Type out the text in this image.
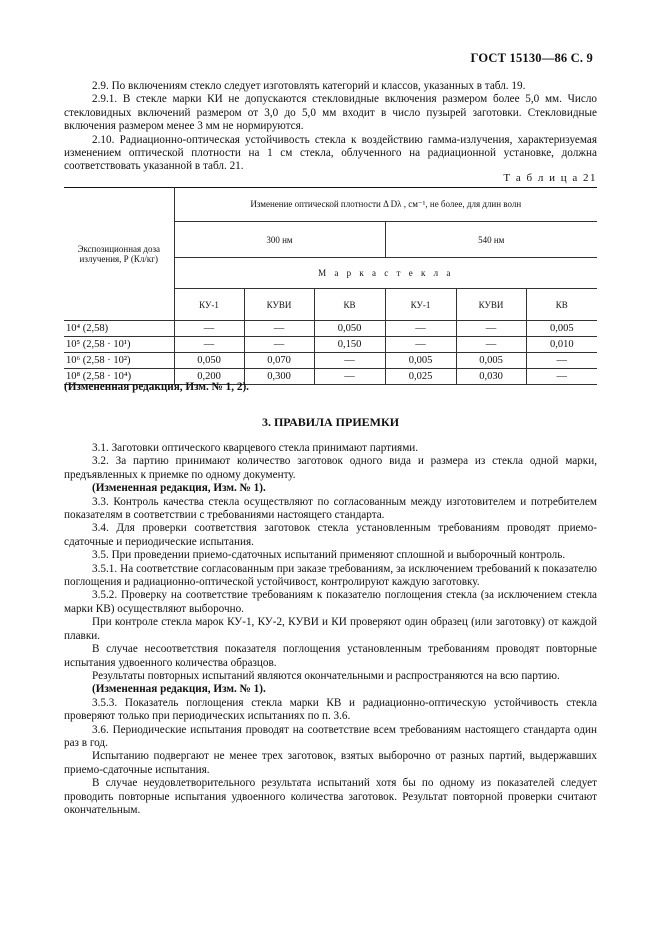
ГОСТ 15130—86 С. 9

2.9. По включениям стекло следует изготовлять категорий и классов, указанных в табл. 19.

2.9.1. В стекле марки КИ не допускаются стекловидные включения размером более 5,0 мм. Число стекловидных включений размером от 3,0 до 5,0 мм входит в число пузырей заготовки. Стекловидные включения размером менее 3 мм не нормируются.

2.10. Радиационно-оптическая устойчивость стекла к воздействию гамма-излучения, характеризуемая изменением оптической плотности на 1 см стекла, облученного на радиационной установке, должна соответствовать указанной в табл. 21.

Т а б л и ц а 21
Экспозиционная доза излучения, Р (Кл/кг)	Изменение оптической плотности Δ Dλ , см⁻¹, не более, для длин волн					
	300 нм			540 нм		
	М а р к а с т е к л а					
	КУ-1	КУВИ	КВ	КУ-1	КУВИ	КВ
10⁴ (2,58)	—	—	0,050	—	—	0,005
10⁵ (2,58 · 10¹)	—	—	0,150	—	—	0,010
10⁶ (2,58 · 10²)	0,050	0,070	—	0,005	0,005	—
10⁸ (2,58 · 10⁴)	0,200	0,300	—	0,025	0,030	—
(Измененная редакция, Изм. № 1, 2).
3. ПРАВИЛА ПРИЕМКИ

3.1. Заготовки оптического кварцевого стекла принимают партиями.

3.2. За партию принимают количество заготовок одного вида и размера из стекла одной марки, предъявленных к приемке по одному документу.

(Измененная редакция, Изм. № 1).

3.3. Контроль качества стекла осуществляют по согласованным между изготовителем и потребителем показателям в соответствии с требованиями настоящего стандарта.

3.4. Для проверки соответствия заготовок стекла установленным требованиям проводят приемо-сдаточные и периодические испытания.

3.5. При проведении приемо-сдаточных испытаний применяют сплошной и выборочный контроль.

3.5.1. На соответствие согласованным при заказе требованиям, за исключением требований к показателю поглощения и радиационно-оптической устойчивост, контролируют каждую заготовку.

3.5.2. Проверку на соответствие требованиям к показателю поглощения стекла (за исключением стекла марки КВ) осуществляют выборочно.

При контроле стекла марок КУ-1, КУ-2, КУВИ и КИ проверяют один образец (или заготовку) от каждой плавки.

В случае несоответствия показателя поглощения установленным требованиям проводят повторные испытания удвоенного количества образцов.

Результаты повторных испытаний являются окончательными и распространяются на всю партию.

(Измененная редакция, Изм. № 1).

3.5.3. Показатель поглощения стекла марки КВ и радиационно-оптическую устойчивость стекла проверяют только при периодических испытаниях по п. 3.6.

3.6. Периодические испытания проводят на соответствие всем требованиям настоящего стандарта один раз в год.

Испытанию подвергают не менее трех заготовок, взятых выборочно от разных партий, выдержавших приемо-сдаточные испытания.

В случае неудовлетворительного результата испытаний хотя бы по одному из показателей следует проводить повторные испытания удвоенного количества заготовок. Результат повторной проверки считают окончательным.
